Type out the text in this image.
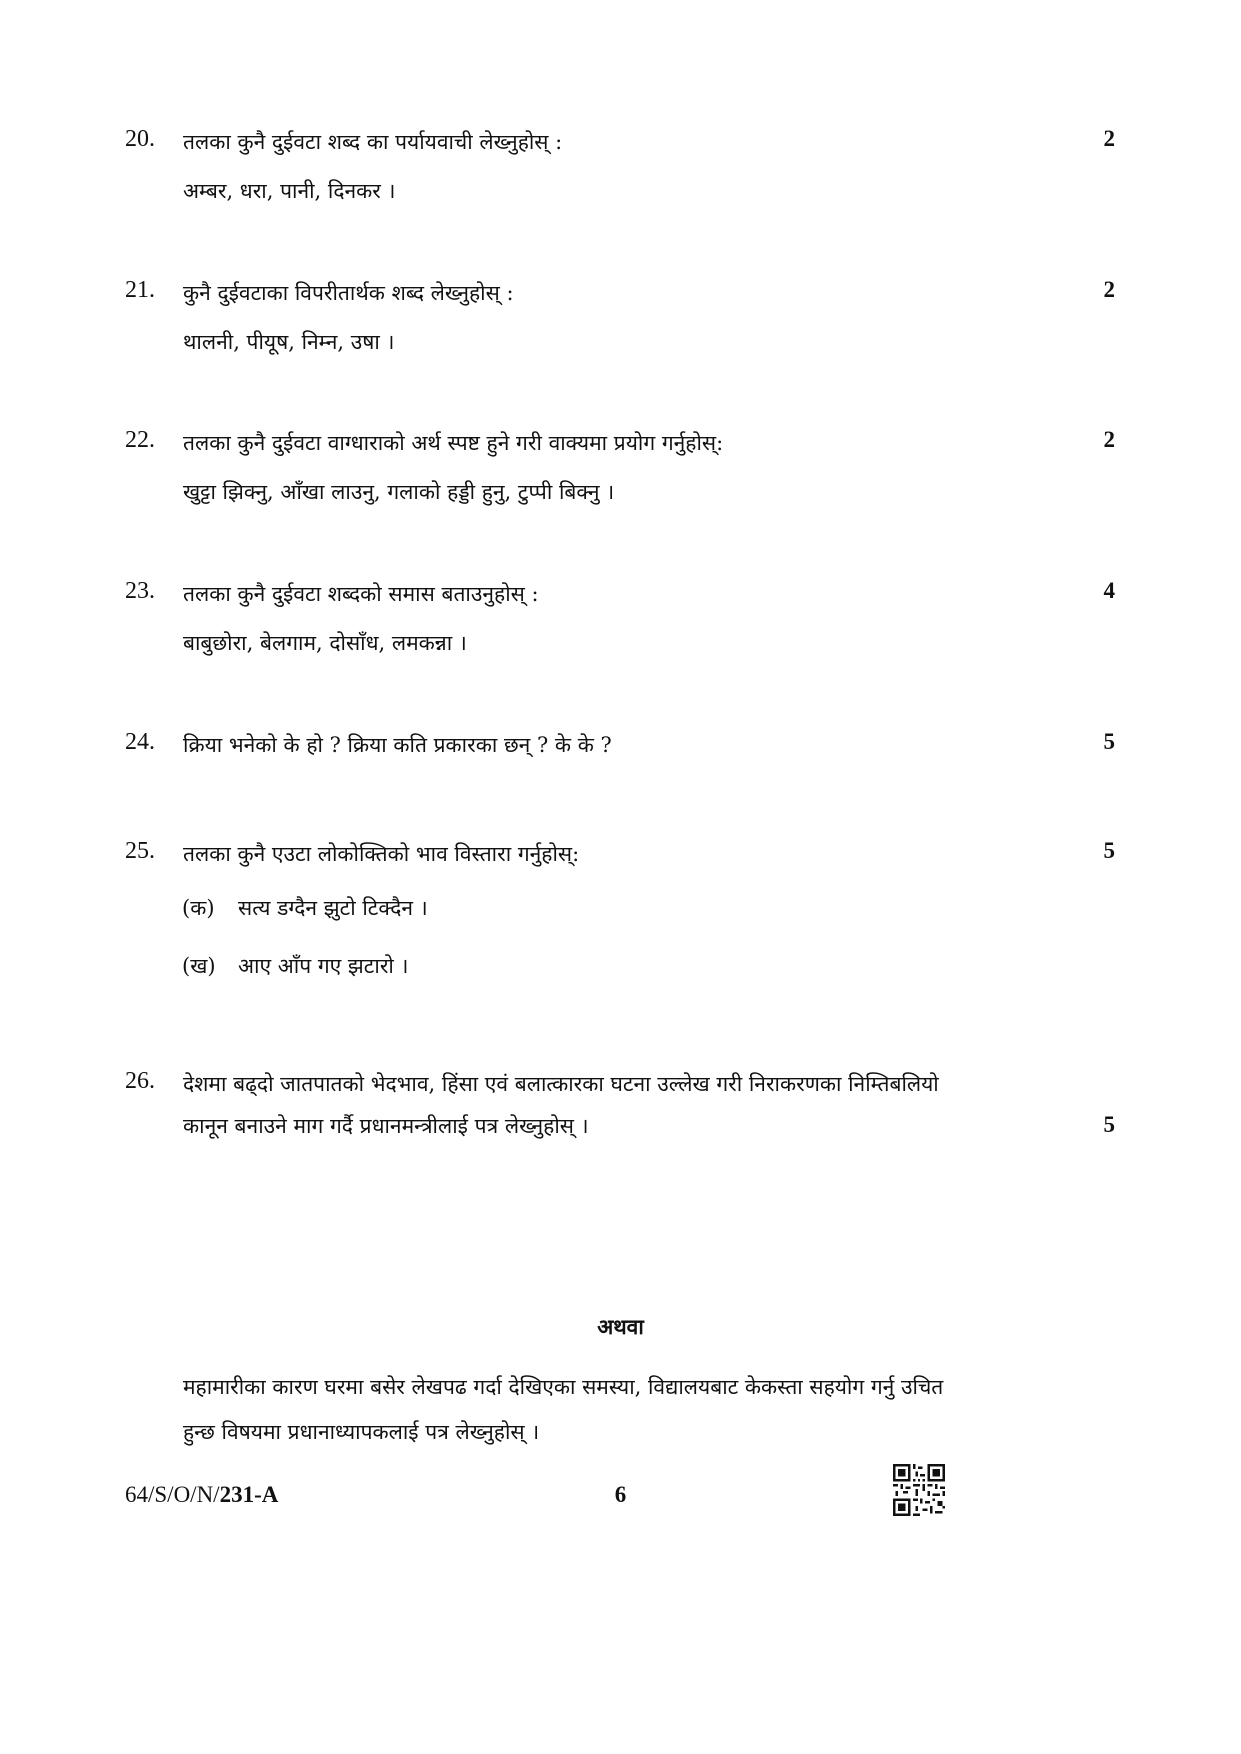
20. तलका कुनै दुईवटा शब्द का पर्यायवाची लेख्नुहोस् :	2
अम्बर, धरा, पानी, दिनकर ।
21. कुनै दुईवटाका विपरीतार्थक शब्द लेख्नुहोस् :	2
थालनी, पीयूष, निम्न, उषा ।
22. तलका कुनै दुईवटा वाग्धाराको अर्थ स्पष्ट हुने गरी वाक्यमा प्रयोग गर्नुहोस्:	2
खुट्टा झिक्नु, आँखा लाउनु, गलाको हड्डी हुनु, टुप्पी बिक्नु ।
23. तलका कुनै दुईवटा शब्दको समास बताउनुहोस् :	4
बाबुछोरा, बेलगाम, दोसाँध, लमकन्ना ।
24. क्रिया भनेको के हो ? क्रिया कति प्रकारका छन् ? के के ?	5
25. तलका कुनै एउटा लोकोक्तिको भाव विस्तारा गर्नुहोस्:	5
(क) सत्य डग्दैन झुटो टिक्दैन ।
(ख) आए आँप गए झटारो ।
26. देशमा बढ्दो जातपातको भेदभाव, हिंसा एवं बलात्कारका घटना उल्लेख गरी निराकरणका निम्तिबलियो
कानून बनाउने माग गर्दै प्रधानमन्त्रीलाई पत्र लेख्नुहोस् ।	5
अथवा
महामारीका कारण घरमा बसेर लेखपढ गर्दा देखिएका समस्या, विद्यालयबाट केकस्ता सहयोग गर्नु उचित
हुन्छ विषयमा प्रधानाध्यापकलाई पत्र लेख्नुहोस् ।
64/S/O/N/231-A	6
